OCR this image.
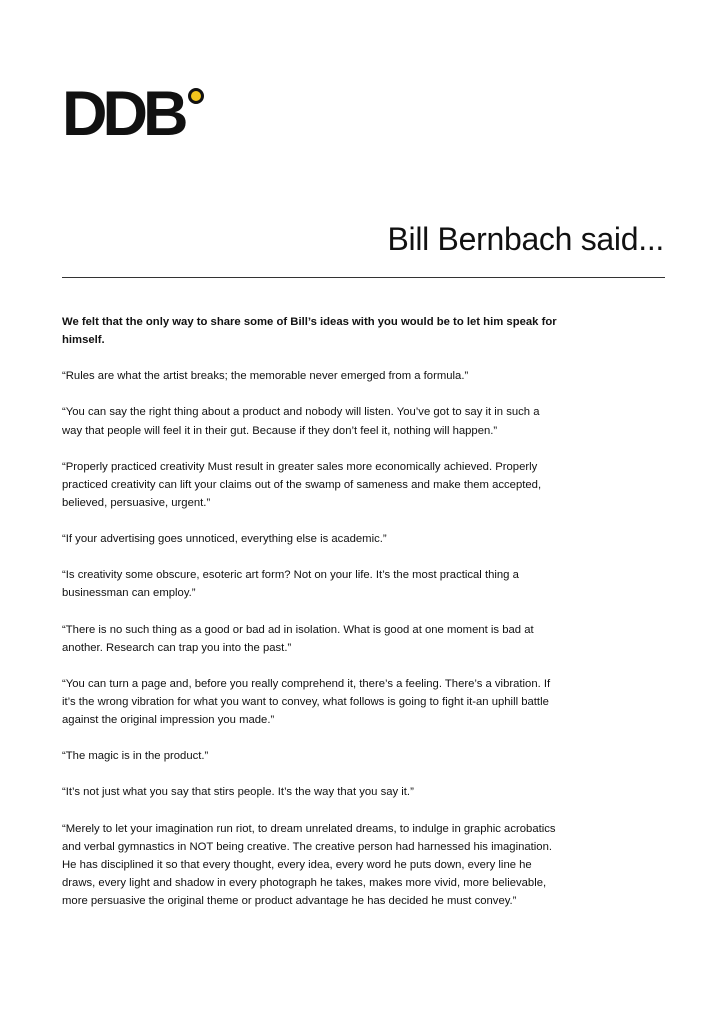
DDB
Bill Bernbach said...

We felt that the only way to share some of Bill’s ideas with you would be to let him speak for himself.

“Rules are what the artist breaks; the memorable never emerged from a formula.”

“You can say the right thing about a product and nobody will listen. You’ve got to say it in such a way that people will feel it in their gut. Because if they don’t feel it, nothing will happen.”

“Properly practiced creativity Must result in greater sales more economically achieved. Properly practiced creativity can lift your claims out of the swamp of sameness and make them accepted, believed, persuasive, urgent.”

“If your advertising goes unnoticed, everything else is academic.”

“Is creativity some obscure, esoteric art form? Not on your life. It’s the most practical thing a businessman can employ.”

“There is no such thing as a good or bad ad in isolation. What is good at one moment is bad at another. Research can trap you into the past.”

“You can turn a page and, before you really comprehend it, there’s a feeling. There’s a vibration. If it’s the wrong vibration for what you want to convey, what follows is going to fight it-an uphill battle against the original impression you made.”

“The magic is in the product.”

“It’s not just what you say that stirs people. It’s the way that you say it.”

“Merely to let your imagination run riot, to dream unrelated dreams, to indulge in graphic acrobatics and verbal gymnastics in NOT being creative. The creative person had harnessed his imagination. He has disciplined it so that every thought, every idea, every word he puts down, every line he draws, every light and shadow in every photograph he takes, makes more vivid, more believable, more persuasive the original theme or product advantage he has decided he must convey.”
